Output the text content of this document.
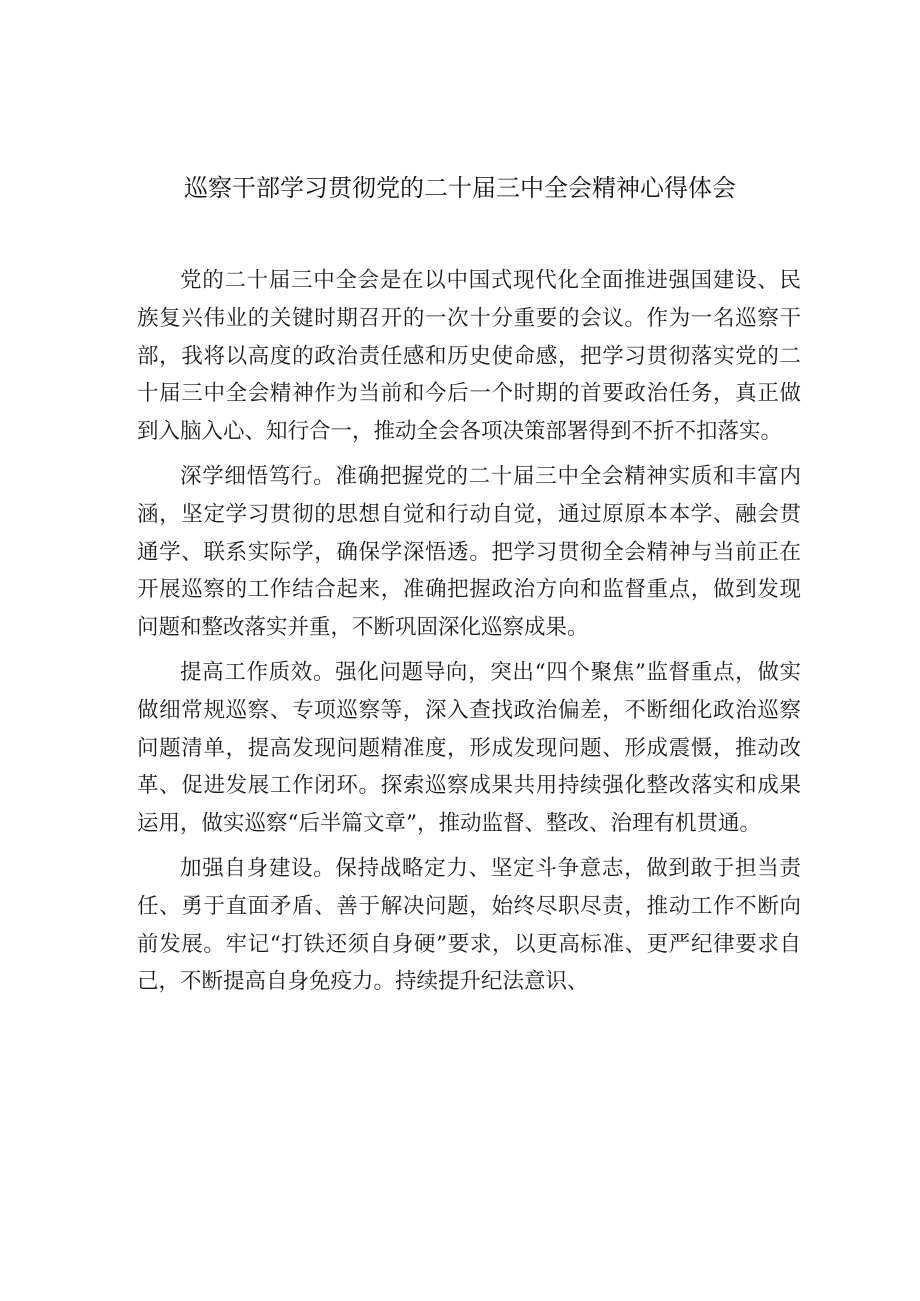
巡察干部学习贯彻党的二十届三中全会精神心得体会

党的二十届三中全会是在以中国式现代化全面推进强国建设、民族复兴伟业的关键时期召开的一次十分重要的会议。作为一名巡察干部，我将以高度的政治责任感和历史使命感，把学习贯彻落实党的二十届三中全会精神作为当前和今后一个时期的首要政治任务，真正做到入脑入心、知行合一，推动全会各项决策部署得到不折不扣落实。

深学细悟笃行。准确把握党的二十届三中全会精神实质和丰富内涵，坚定学习贯彻的思想自觉和行动自觉，通过原原本本学、融会贯通学、联系实际学，确保学深悟透。把学习贯彻全会精神与当前正在开展巡察的工作结合起来，准确把握政治方向和监督重点，做到发现问题和整改落实并重，不断巩固深化巡察成果。

提高工作质效。强化问题导向，突出“四个聚焦”监督重点，做实做细常规巡察、专项巡察等，深入查找政治偏差，不断细化政治巡察问题清单，提高发现问题精准度，形成发现问题、形成震慑，推动改革、促进发展工作闭环。探索巡察成果共用持续强化整改落实和成果运用，做实巡察“后半篇文章”，推动监督、整改、治理有机贯通。

加强自身建设。保持战略定力、坚定斗争意志，做到敢于担当责任、勇于直面矛盾、善于解决问题，始终尽职尽责，推动工作不断向前发展。牢记“打铁还须自身硬”要求，以更高标准、更严纪律要求自己，不断提高自身免疫力。持续提升纪法意识、
